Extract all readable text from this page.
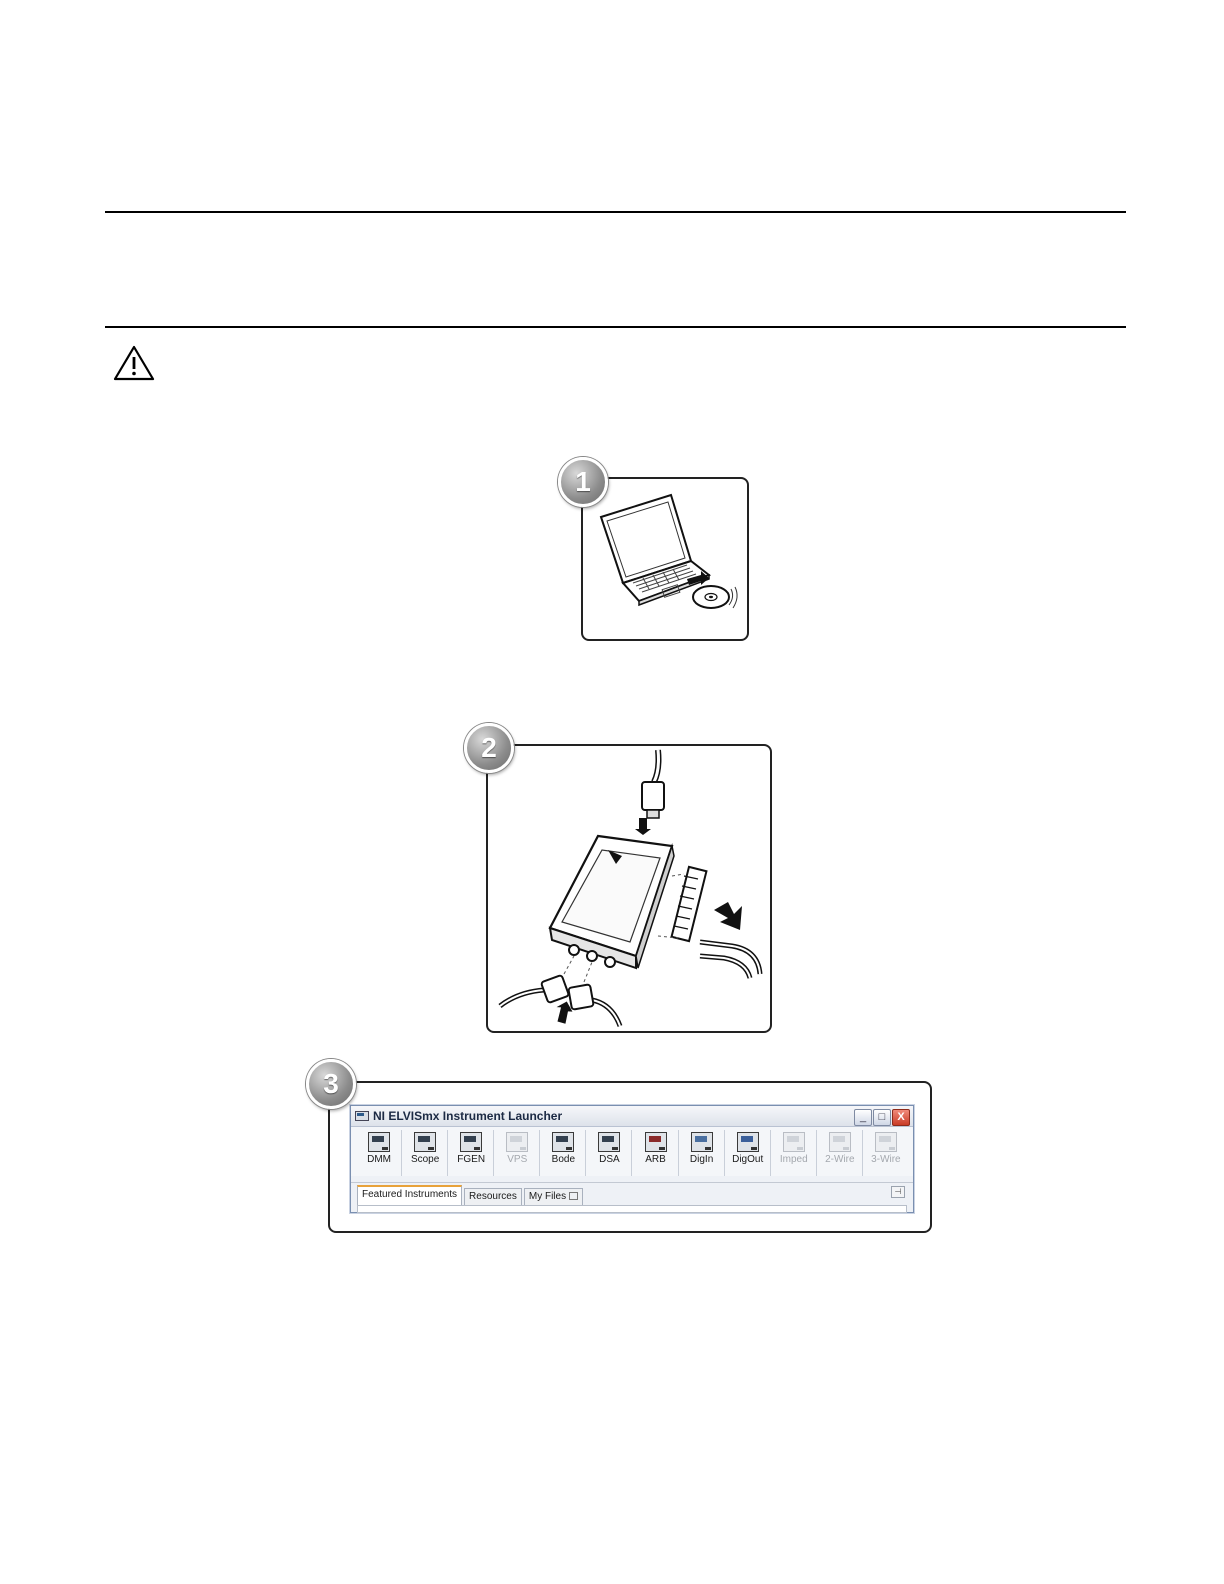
1
2
NI ELVISmx Instrument Launcher	_	□	X
DMM Scope FGEN VPS Bode DSA	ARB DigIn DigOut Imped 2-Wire 3-Wire
Featured Instruments	Resources	My Files	⊣
3
